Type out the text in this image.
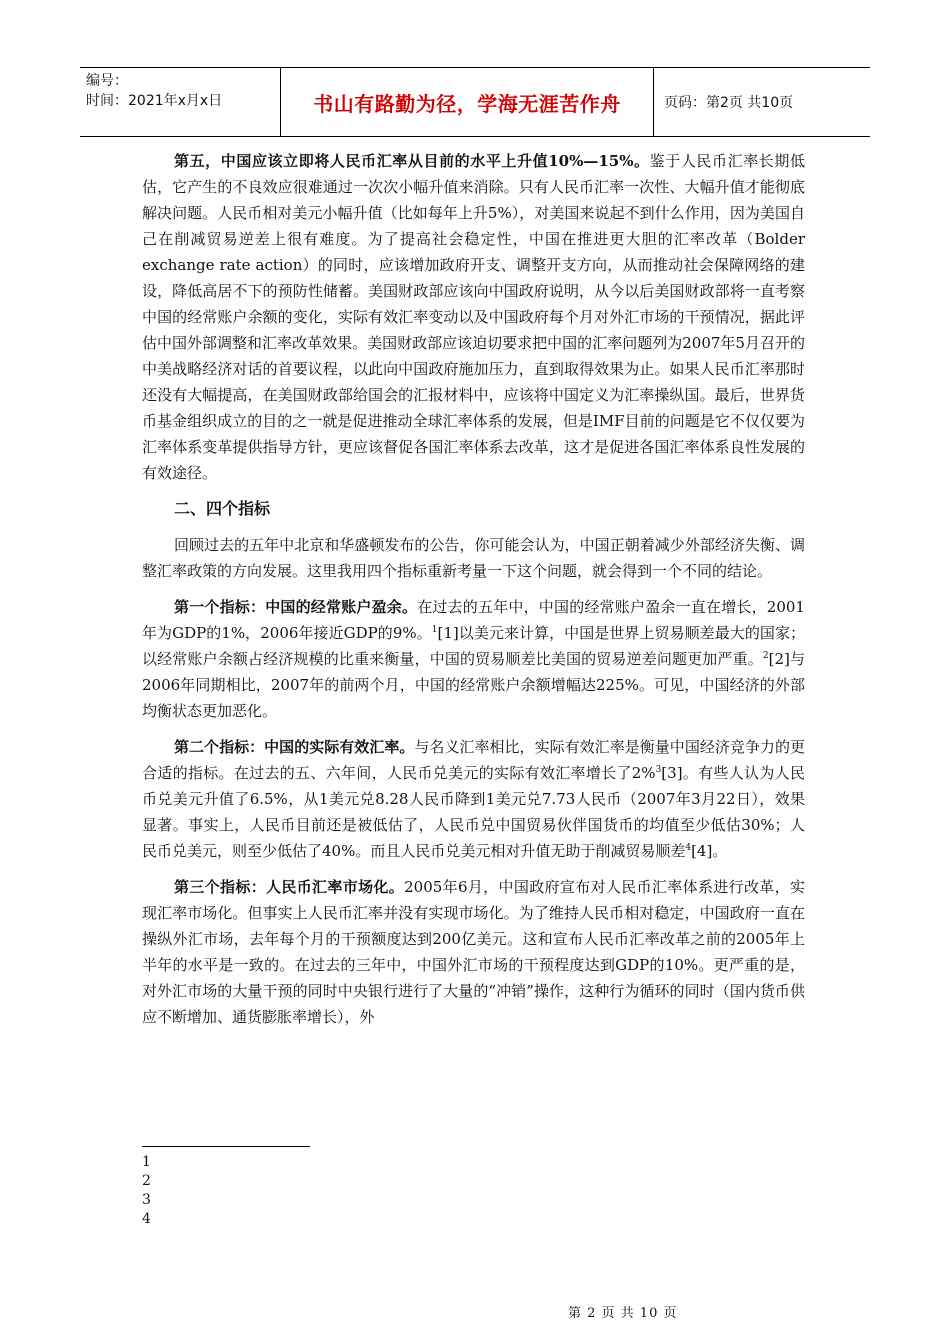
编号：
时间：2021年x月x日	书山有路勤为径，学海无涯苦作舟	页码：第2页 共10页

第五，中国应该立即将人民币汇率从目前的水平上升值10%—15%。鉴于人民币汇率长期低估，它产生的不良效应很难通过一次次小幅升值来消除。只有人民币汇率一次性、大幅升值才能彻底解决问题。人民币相对美元小幅升值（比如每年上升5%），对美国来说起不到什么作用，因为美国自己在削减贸易逆差上很有难度。为了提高社会稳定性，中国在推进更大胆的汇率改革（Bolder exchange rate action）的同时，应该增加政府开支、调整开支方向，从而推动社会保障网络的建设，降低高居不下的预防性储蓄。美国财政部应该向中国政府说明，从今以后美国财政部将一直考察中国的经常账户余额的变化，实际有效汇率变动以及中国政府每个月对外汇市场的干预情况，据此评估中国外部调整和汇率改革效果。美国财政部应该迫切要求把中国的汇率问题列为2007年5月召开的中美战略经济对话的首要议程，以此向中国政府施加压力，直到取得效果为止。如果人民币汇率那时还没有大幅提高，在美国财政部给国会的汇报材料中，应该将中国定义为汇率操纵国。最后，世界货币基金组织成立的目的之一就是促进推动全球汇率体系的发展，但是IMF目前的问题是它不仅仅要为汇率体系变革提供指导方针，更应该督促各国汇率体系去改革，这才是促进各国汇率体系良性发展的有效途径。

二、四个指标

回顾过去的五年中北京和华盛顿发布的公告，你可能会认为，中国正朝着减少外部经济失衡、调整汇率政策的方向发展。这里我用四个指标重新考量一下这个问题，就会得到一个不同的结论。

第一个指标：中国的经常账户盈余。在过去的五年中，中国的经常账户盈余一直在增长，2001年为GDP的1%，2006年接近GDP的9%。$^1$[1]以美元来计算，中国是世界上贸易顺差最大的国家；以经常账户余额占经济规模的比重来衡量，中国的贸易顺差比美国的贸易逆差问题更加严重。$^2$[2]与2006年同期相比，2007年的前两个月，中国的经常账户余额增幅达225%。可见，中国经济的外部均衡状态更加恶化。

第二个指标：中国的实际有效汇率。与名义汇率相比，实际有效汇率是衡量中国经济竞争力的更合适的指标。在过去的五、六年间，人民币兑美元的实际有效汇率增长了2%$^3$[3]。有些人认为人民币兑美元升值了6.5%，从1美元兑8.28人民币降到1美元兑7.73人民币（2007年3月22日），效果显著。事实上，人民币目前还是被低估了，人民币兑中国贸易伙伴国货币的均值至少低估30%；人民币兑美元，则至少低估了40%。而且人民币兑美元相对升值无助于削减贸易顺差$^4$[4]。

第三个指标：人民币汇率市场化。2005年6月，中国政府宣布对人民币汇率体系进行改革，实现汇率市场化。但事实上人民币汇率并没有实现市场化。为了维持人民币相对稳定，中国政府一直在操纵外汇市场，去年每个月的干预额度达到200亿美元。这和宣布人民币汇率改革之前的2005年上半年的水平是一致的。在过去的三年中，中国外汇市场的干预程度达到GDP的10%。更严重的是，对外汇市场的大量干预的同时中央银行进行了大量的“冲销”操作，这种行为循环的同时（国内货币供应不断增加、通货膨胀率增长），外

1
2
3
4
第 2 页 共 10 页
